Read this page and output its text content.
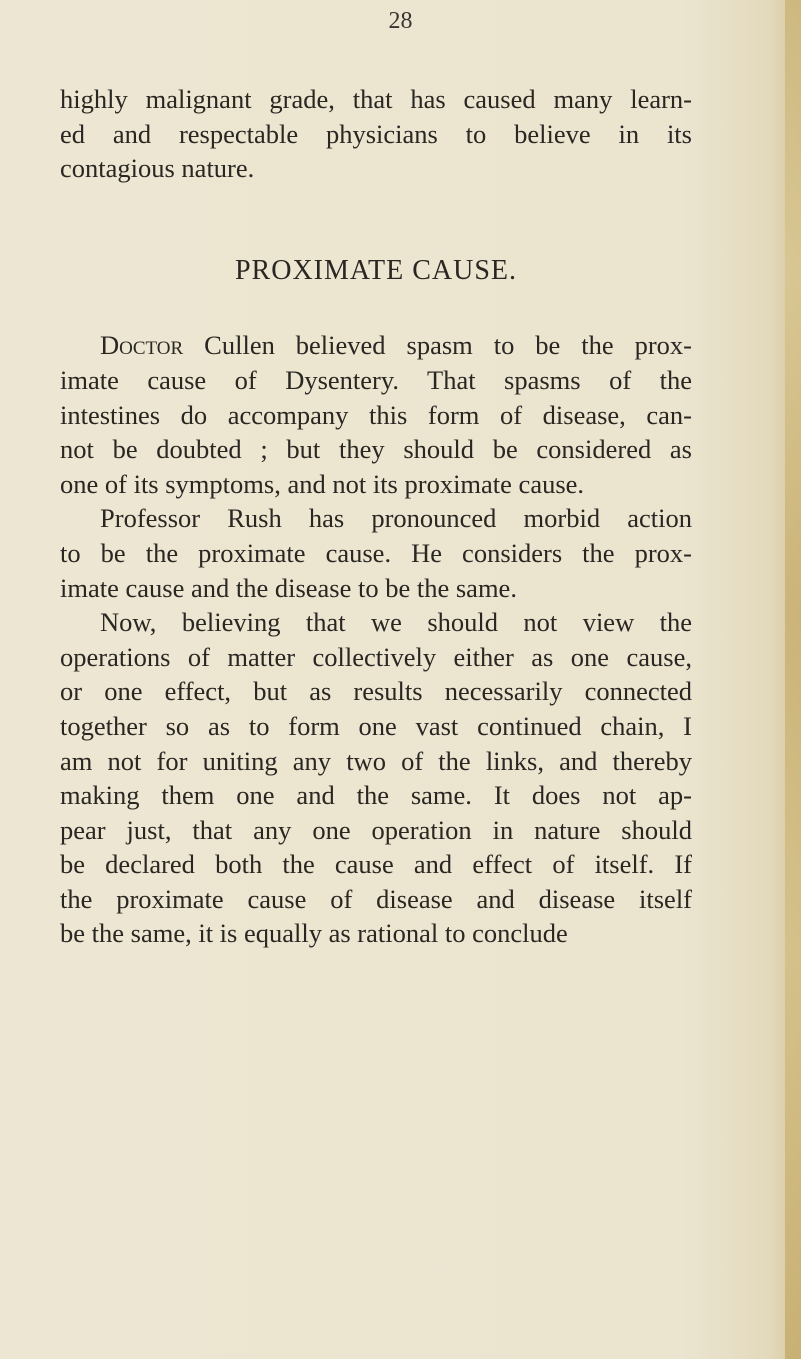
28
highly malignant grade, that has caused many learn-
ed and respectable physicians to believe in its
contagious nature.
PROXIMATE CAUSE.
Doctor Cullen believed spasm to be the prox-
imate cause of Dysentery. That spasms of the
intestines do accompany this form of disease, can-
not be doubted ; but they should be considered as
one of its symptoms, and not its proximate cause.
Professor Rush has pronounced morbid action
to be the proximate cause. He considers the prox-
imate cause and the disease to be the same.
Now, believing that we should not view the
operations of matter collectively either as one cause,
or one effect, but as results necessarily connected
together so as to form one vast continued chain, I
am not for uniting any two of the links, and thereby
making them one and the same. It does not ap-
pear just, that any one operation in nature should
be declared both the cause and effect of itself. If
the proximate cause of disease and disease itself
be the same, it is equally as rational to conclude
